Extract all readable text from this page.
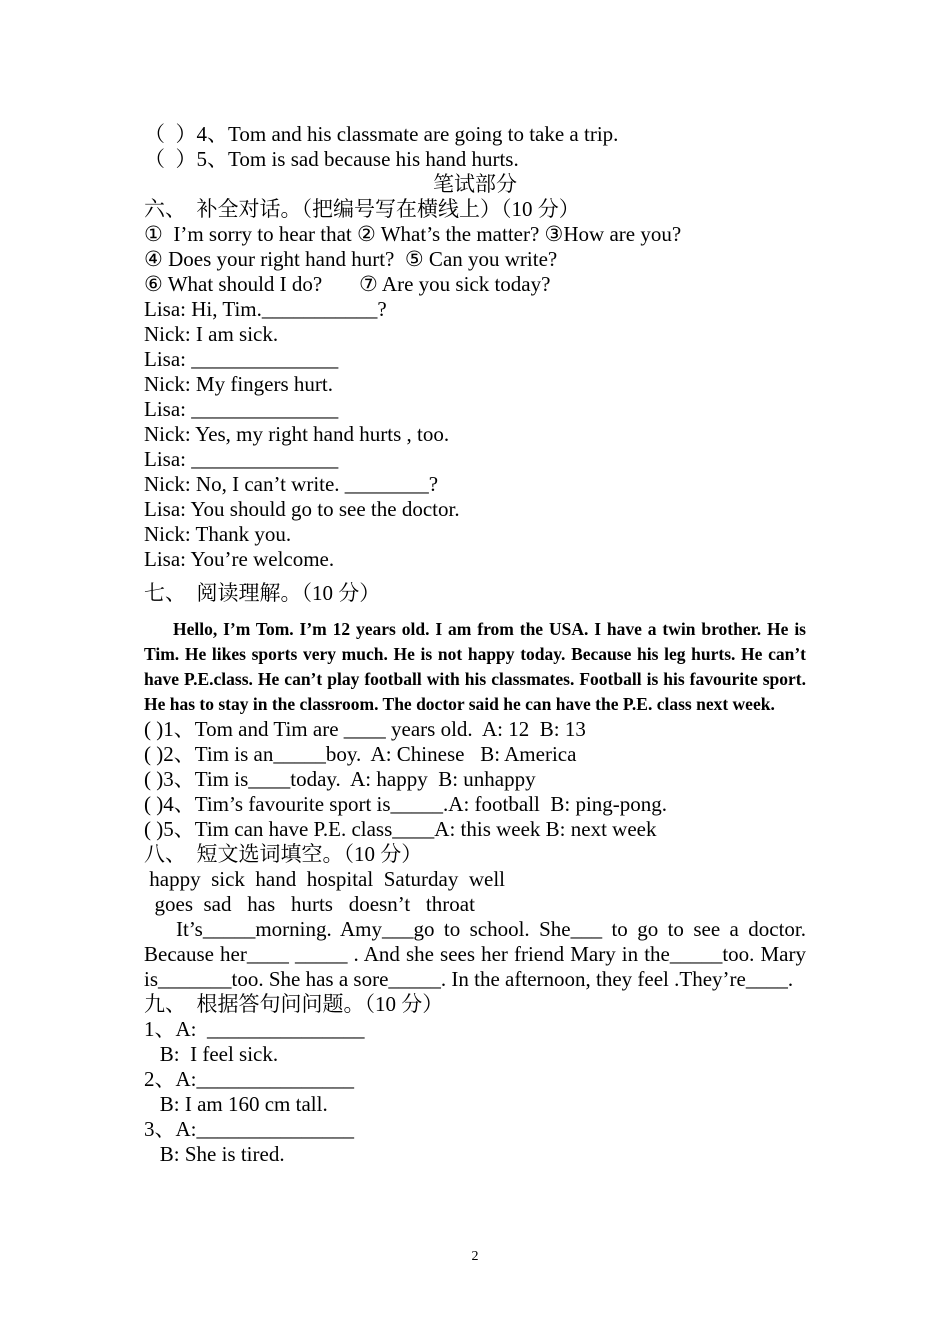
（  ）4、Tom and his classmate are going to take a trip.
（  ）5、Tom is sad because his hand hurts.
笔试部分
六、  补全对话。（把编号写在横线上）（10 分）
①  I’m sorry to hear that ② What’s the matter? ③How are you?
④ Does your right hand hurt?  ⑤ Can you write?
⑥ What should I do?       ⑦ Are you sick today?
Lisa: Hi, Tim.___________?
Nick: I am sick.
Lisa: ______________
Nick: My fingers hurt.
Lisa: ______________
Nick: Yes, my right hand hurts , too.
Lisa: ______________
Nick: No, I can’t write. ________?
Lisa: You should go to see the doctor.
Nick: Thank you.
Lisa: You’re welcome.
七、  阅读理解。（10 分）
Hello, I’m Tom. I’m 12 years old. I am from the USA. I have a twin brother. He is Tim. He likes sports very much. He is not happy today. Because his leg hurts. He can’t have P.E.class. He can’t play football with his classmates. Football is his favourite sport. He has to stay in the classroom. The doctor said he can have the P.E. class next week.
( )1、Tom and Tim are ____ years old.  A: 12  B: 13
( )2、Tim is an_____boy.  A: Chinese   B: America
( )3、Tim is____today.  A: happy  B: unhappy
( )4、Tim’s favourite sport is_____.A: football  B: ping-pong.
( )5、Tim can have P.E. class____A: this week B: next week
八、  短文选词填空。（10 分）
happy  sick  hand  hospital  Saturday  well
goes  sad   has   hurts   doesn’t   throat
It’s_____morning. Amy___go to school. She___ to go to see a doctor. Because her____ _____ . And she sees her friend Mary in the_____too. Mary is_______too. She has a sore_____. In the afternoon, they feel .They’re____.
九、  根据答句问问题。（10 分）
1、A:  _______________
B:  I feel sick.
2、A:_______________
B: I am 160 cm tall.
3、A:_______________
B: She is tired.
2
